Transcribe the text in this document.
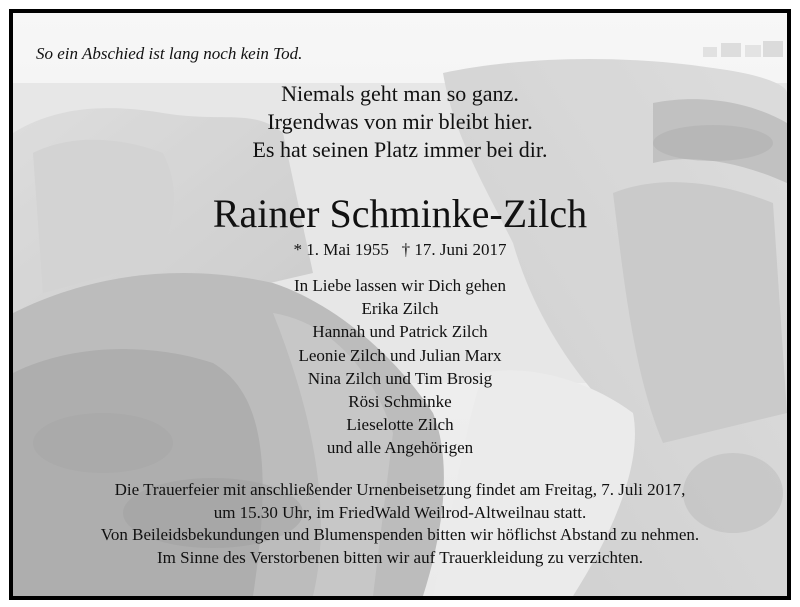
So ein Abschied ist lang noch kein Tod.
Niemals geht man so ganz.
Irgendwas von mir bleibt hier.
Es hat seinen Platz immer bei dir.
Rainer Schminke-Zilch
* 1. Mai 1955   † 17. Juni 2017
In Liebe lassen wir Dich gehen
Erika Zilch
Hannah und Patrick Zilch
Leonie Zilch und Julian Marx
Nina Zilch und Tim Brosig
Rösi Schminke
Lieselotte Zilch
und alle Angehörigen
Die Trauerfeier mit anschließender Urnenbeisetzung findet am Freitag, 7. Juli 2017,
um 15.30 Uhr, im FriedWald Weilrod-Altweilnau statt.
Von Beileidsbekundungen und Blumenspenden bitten wir höflichst Abstand zu nehmen.
Im Sinne des Verstorbenen bitten wir auf Trauerkleidung zu verzichten.
